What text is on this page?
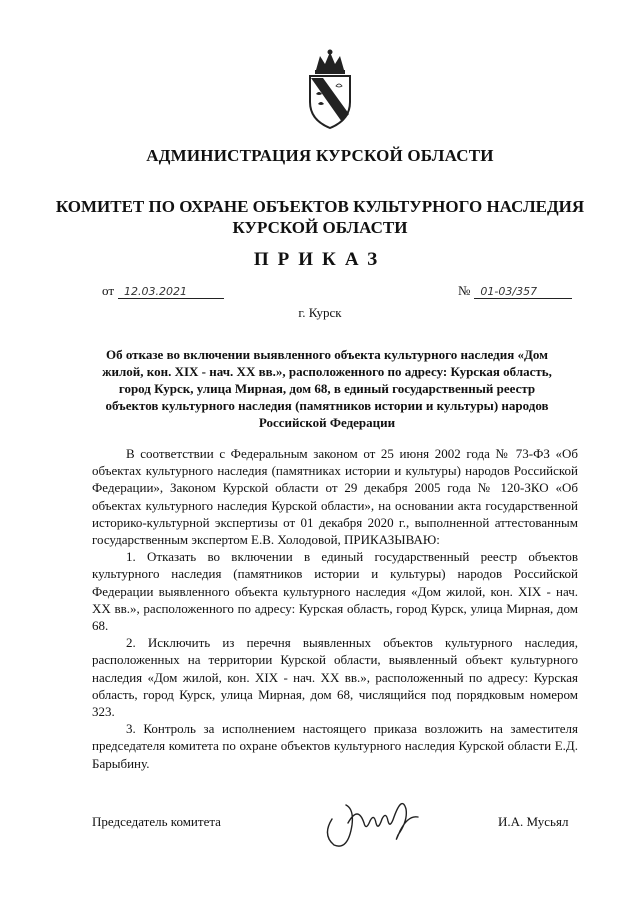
АДМИНИСТРАЦИЯ КУРСКОЙ ОБЛАСТИ
КОМИТЕТ ПО ОХРАНЕ ОБЪЕКТОВ КУЛЬТУРНОГО НАСЛЕДИЯ
КУРСКОЙ ОБЛАСТИ
ПРИКАЗ
от 12.03.2021	№ 01-03/357
г. Курск
Об отказе во включении выявленного объекта культурного наследия «Дом жилой, кон. XIX - нач. XX вв.», расположенного по адресу: Курская область, город Курск, улица Мирная, дом 68, в единый государственный реестр объектов культурного наследия (памятников истории и культуры) народов Российской Федерации

В соответствии с Федеральным законом от 25 июня 2002 года № 73-ФЗ «Об объектах культурного наследия (памятниках истории и культуры) народов Российской Федерации», Законом Курской области от 29 декабря 2005 года № 120-ЗКО «Об объектах культурного наследия Курской области», на основании акта государственной историко-культурной экспертизы от 01 декабря 2020 г., выполненной аттестованным государственным экспертом Е.В. Холодовой, ПРИКАЗЫВАЮ:

1. Отказать во включении в единый государственный реестр объектов культурного наследия (памятников истории и культуры) народов Российской Федерации выявленного объекта культурного наследия «Дом жилой, кон. XIX - нач. XX вв.», расположенного по адресу: Курская область, город Курск, улица Мирная, дом 68.

2. Исключить из перечня выявленных объектов культурного наследия, расположенных на территории Курской области, выявленный объект культурного наследия «Дом жилой, кон. XIX - нач. XX вв.», расположенный по адресу: Курская область, город Курск, улица Мирная, дом 68, числящийся под порядковым номером 323.

3. Контроль за исполнением настоящего приказа возложить на заместителя председателя комитета по охране объектов культурного наследия Курской области Е.Д. Барыбину.

Председатель комитета	И.А. Мусьял
